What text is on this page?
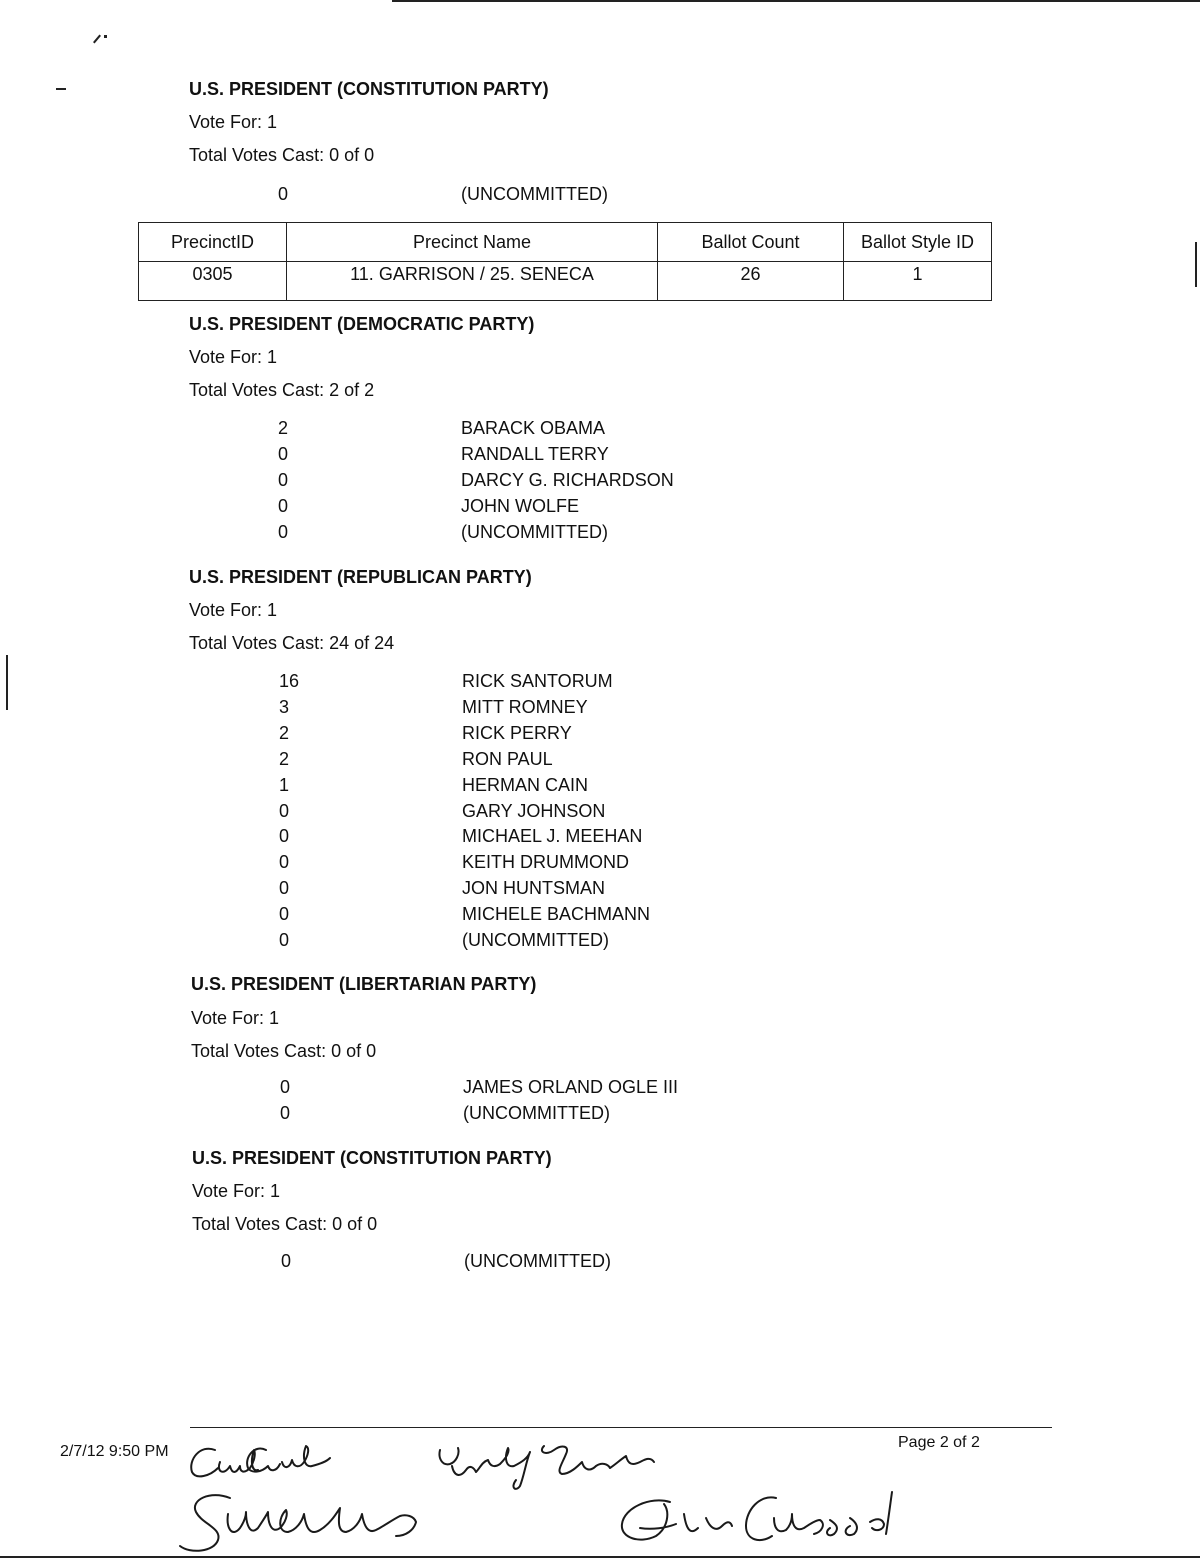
U.S. PRESIDENT (CONSTITUTION PARTY)
Vote For: 1
Total Votes Cast: 0 of 0
0	(UNCOMMITTED)
PrecinctID	Precinct Name	Ballot Count	Ballot Style ID
0305	11. GARRISON / 25. SENECA	26	1
U.S. PRESIDENT (DEMOCRATIC PARTY)
Vote For: 1
Total Votes Cast: 2 of 2
2	BARACK OBAMA
0	RANDALL TERRY
0	DARCY G. RICHARDSON
0	JOHN WOLFE
0	(UNCOMMITTED)
U.S. PRESIDENT (REPUBLICAN PARTY)
Vote For: 1
Total Votes Cast: 24 of 24
16	RICK SANTORUM
3	MITT ROMNEY
2	RICK PERRY
2	RON PAUL
1	HERMAN CAIN
0	GARY JOHNSON
0	MICHAEL J. MEEHAN
0	KEITH DRUMMOND
0	JON HUNTSMAN
0	MICHELE BACHMANN
0	(UNCOMMITTED)
U.S. PRESIDENT (LIBERTARIAN PARTY)
Vote For: 1
Total Votes Cast: 0 of 0
0	JAMES ORLAND OGLE III
0	(UNCOMMITTED)
U.S. PRESIDENT (CONSTITUTION PARTY)
Vote For: 1
Total Votes Cast: 0 of 0
0	(UNCOMMITTED)
2/7/12 9:50 PM
Page 2 of 2
